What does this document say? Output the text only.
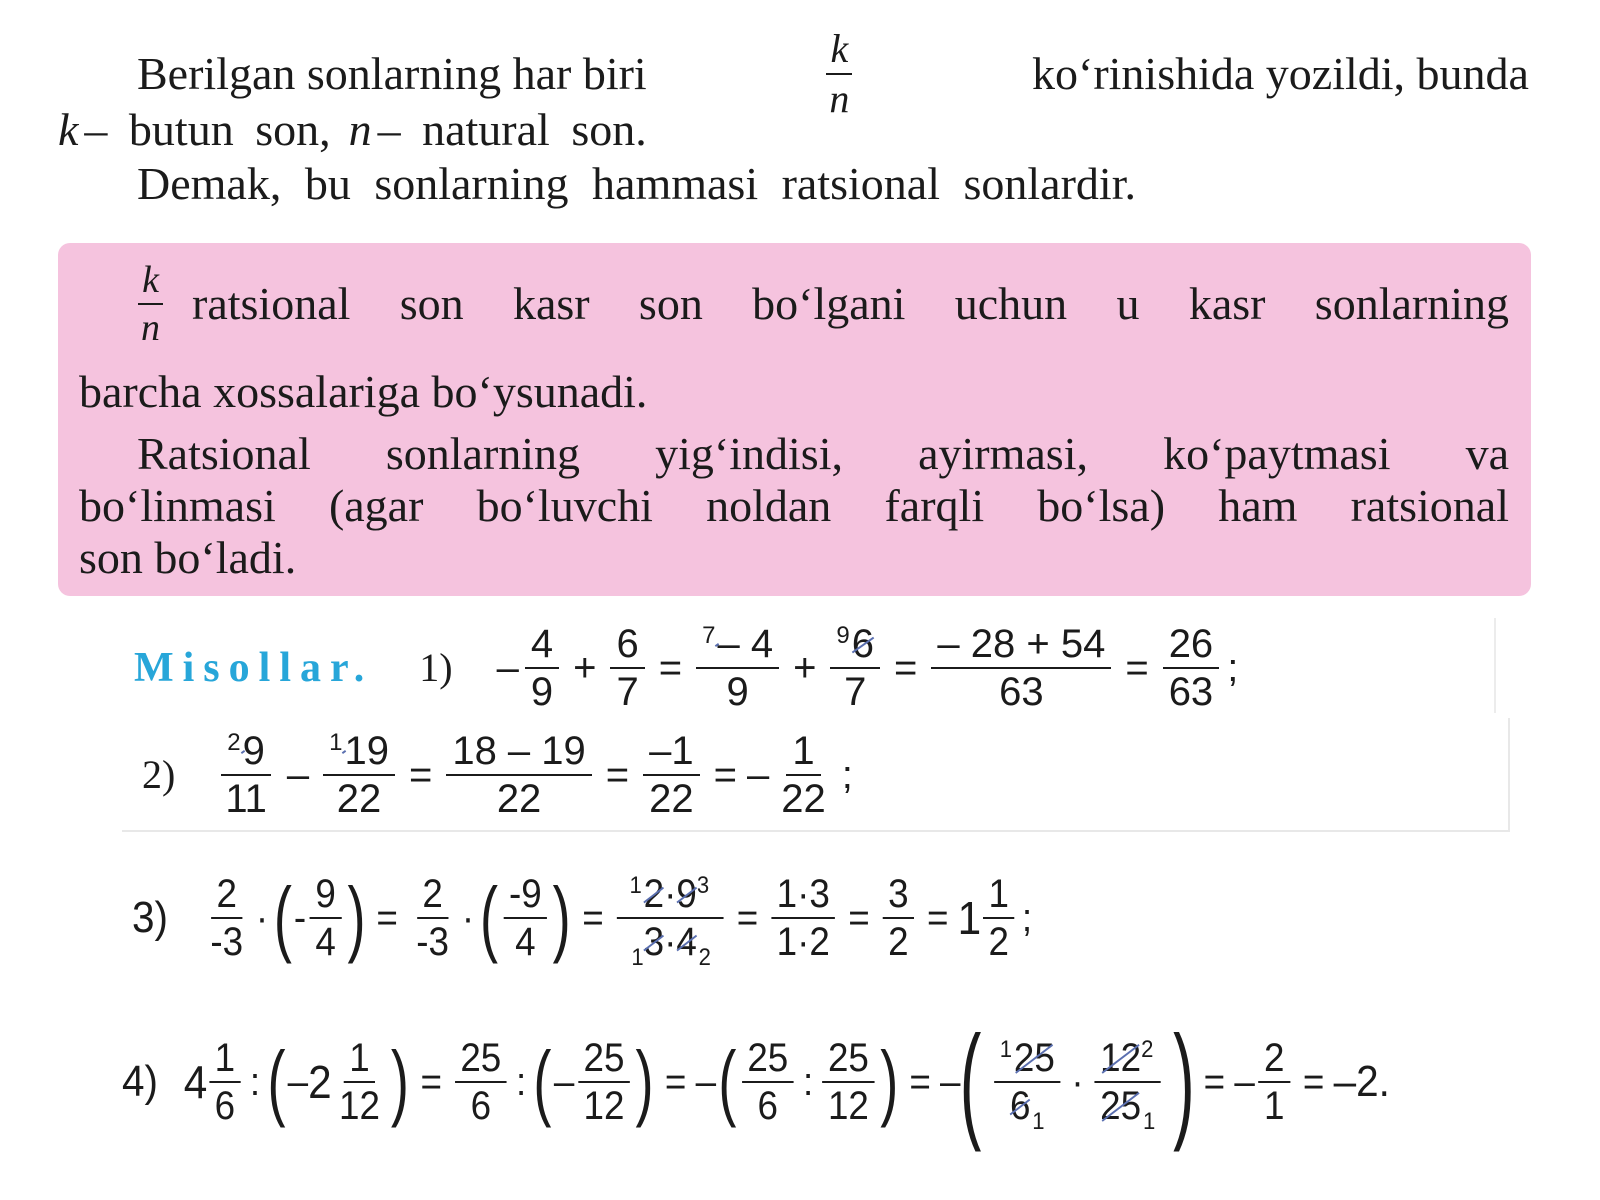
Berilgan sonlarning har biri	$\frac{k}{n}$	ko‘rinishida yozildi, bunda
k – butun son, n – natural son.
Demak, bu sonlarning hammasi ratsional sonlardir.
$\frac{k}{n}$ ratsional son kasr son bo‘lgani uchun u kasr sonlarning
barcha xossalariga bo‘ysunadi.
Ratsional sonlarning yig‘indisi, ayirmasi, ko‘paytmasi va
bo‘linmasi (agar bo‘luvchi noldan farqli bo‘lsa) ham ratsional
son bo‘ladi.
Misollar. $1) - \frac{4}{9} + \frac{6}{7} = \frac{^7- 4}{9} + \frac{^96}{7} = \frac{- 28 + 54}{63} = \frac{26}{63}$ ;
$2) \frac{^29}{11} - \frac{^119}{22} = \frac{18 - 19}{22} = \frac{-1}{22}$ = – $\frac{1}{22}$ ;
$3) \frac{2}{-3}$ · ( - $\frac{9}{4}$ ) = $\frac{2}{-3}$ · ( $\frac{-9}{4}$ ) = $\frac{^12\cdot 9^3}{_13\cdot 4_2} = \frac{1\cdot 3}{1\cdot 2} = \frac{3}{2} = 1 \frac{1}{2}$ ;
4) $4 \frac{1}{6}$ : ( – $2 \frac{1}{12}$ ) = $\frac{25}{6}$ : ( – $\frac{25}{12}$ ) = – ( $\frac{25}{6}$ : $\frac{25}{12}$ ) = – ( $\frac{^125}{6_1} \cdot \frac{12^2}{25_1}$ ) = – $\frac{2}{1} = -2$.
